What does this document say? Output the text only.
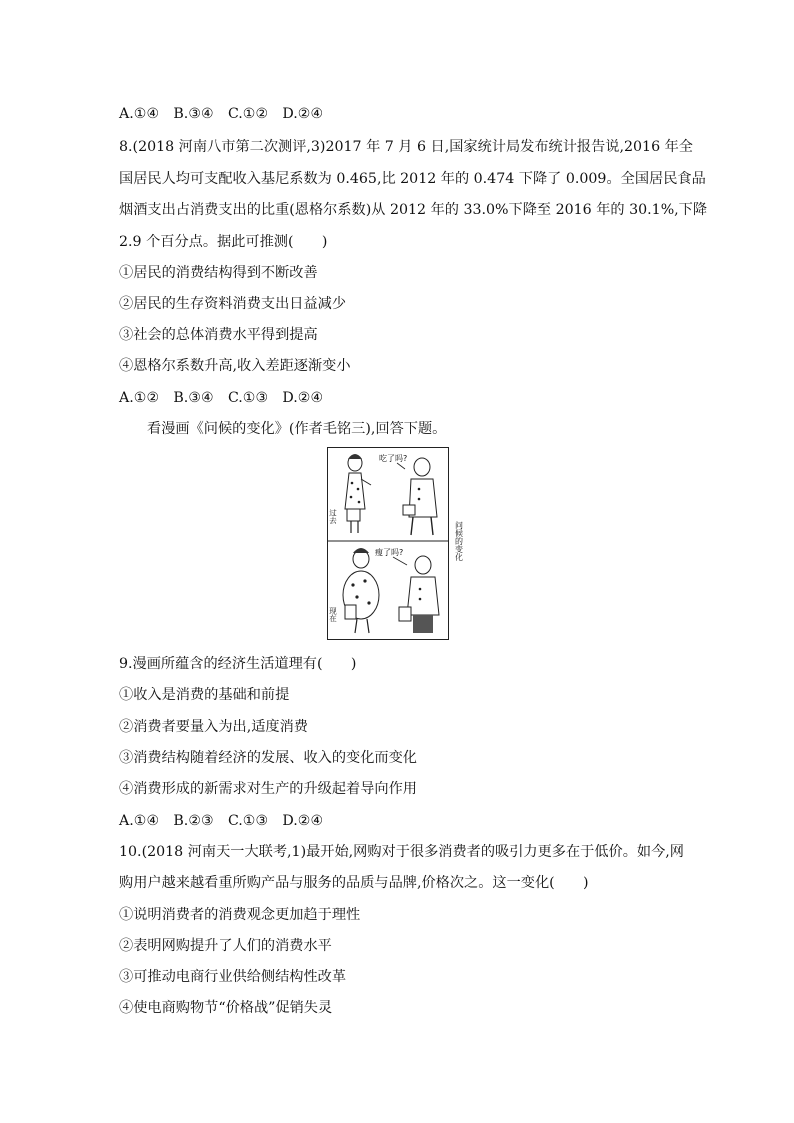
A.①④　B.③④　C.①②　D.②④
8.(2018 河南八市第二次测评,3)2017 年 7 月 6 日,国家统计局发布统计报告说,2016 年全
国居民人均可支配收入基尼系数为 0.465,比 2012 年的 0.474 下降了 0.009。全国居民食品
烟酒支出占消费支出的比重(恩格尔系数)从 2012 年的 33.0%下降至 2016 年的 30.1%,下降
2.9 个百分点。据此可推测(　　)
①居民的消费结构得到不断改善
②居民的生存资料消费支出日益减少
③社会的总体消费水平得到提高
④恩格尔系数升高,收入差距逐渐变小
A.①②　B.③④　C.①③　D.②④
看漫画《问候的变化》(作者毛铭三),回答下题。
过去
吃了吗?
现在
瘦了吗?	问候的变化
9.漫画所蕴含的经济生活道理有(　　)
①收入是消费的基础和前提
②消费者要量入为出,适度消费
③消费结构随着经济的发展、收入的变化而变化
④消费形成的新需求对生产的升级起着导向作用
A.①④　B.②③　C.①③　D.②④
10.(2018 河南天一大联考,1)最开始,网购对于很多消费者的吸引力更多在于低价。如今,网
购用户越来越看重所购产品与服务的品质与品牌,价格次之。这一变化(　　)
①说明消费者的消费观念更加趋于理性
②表明网购提升了人们的消费水平
③可推动电商行业供给侧结构性改革
④使电商购物节“价格战”促销失灵
